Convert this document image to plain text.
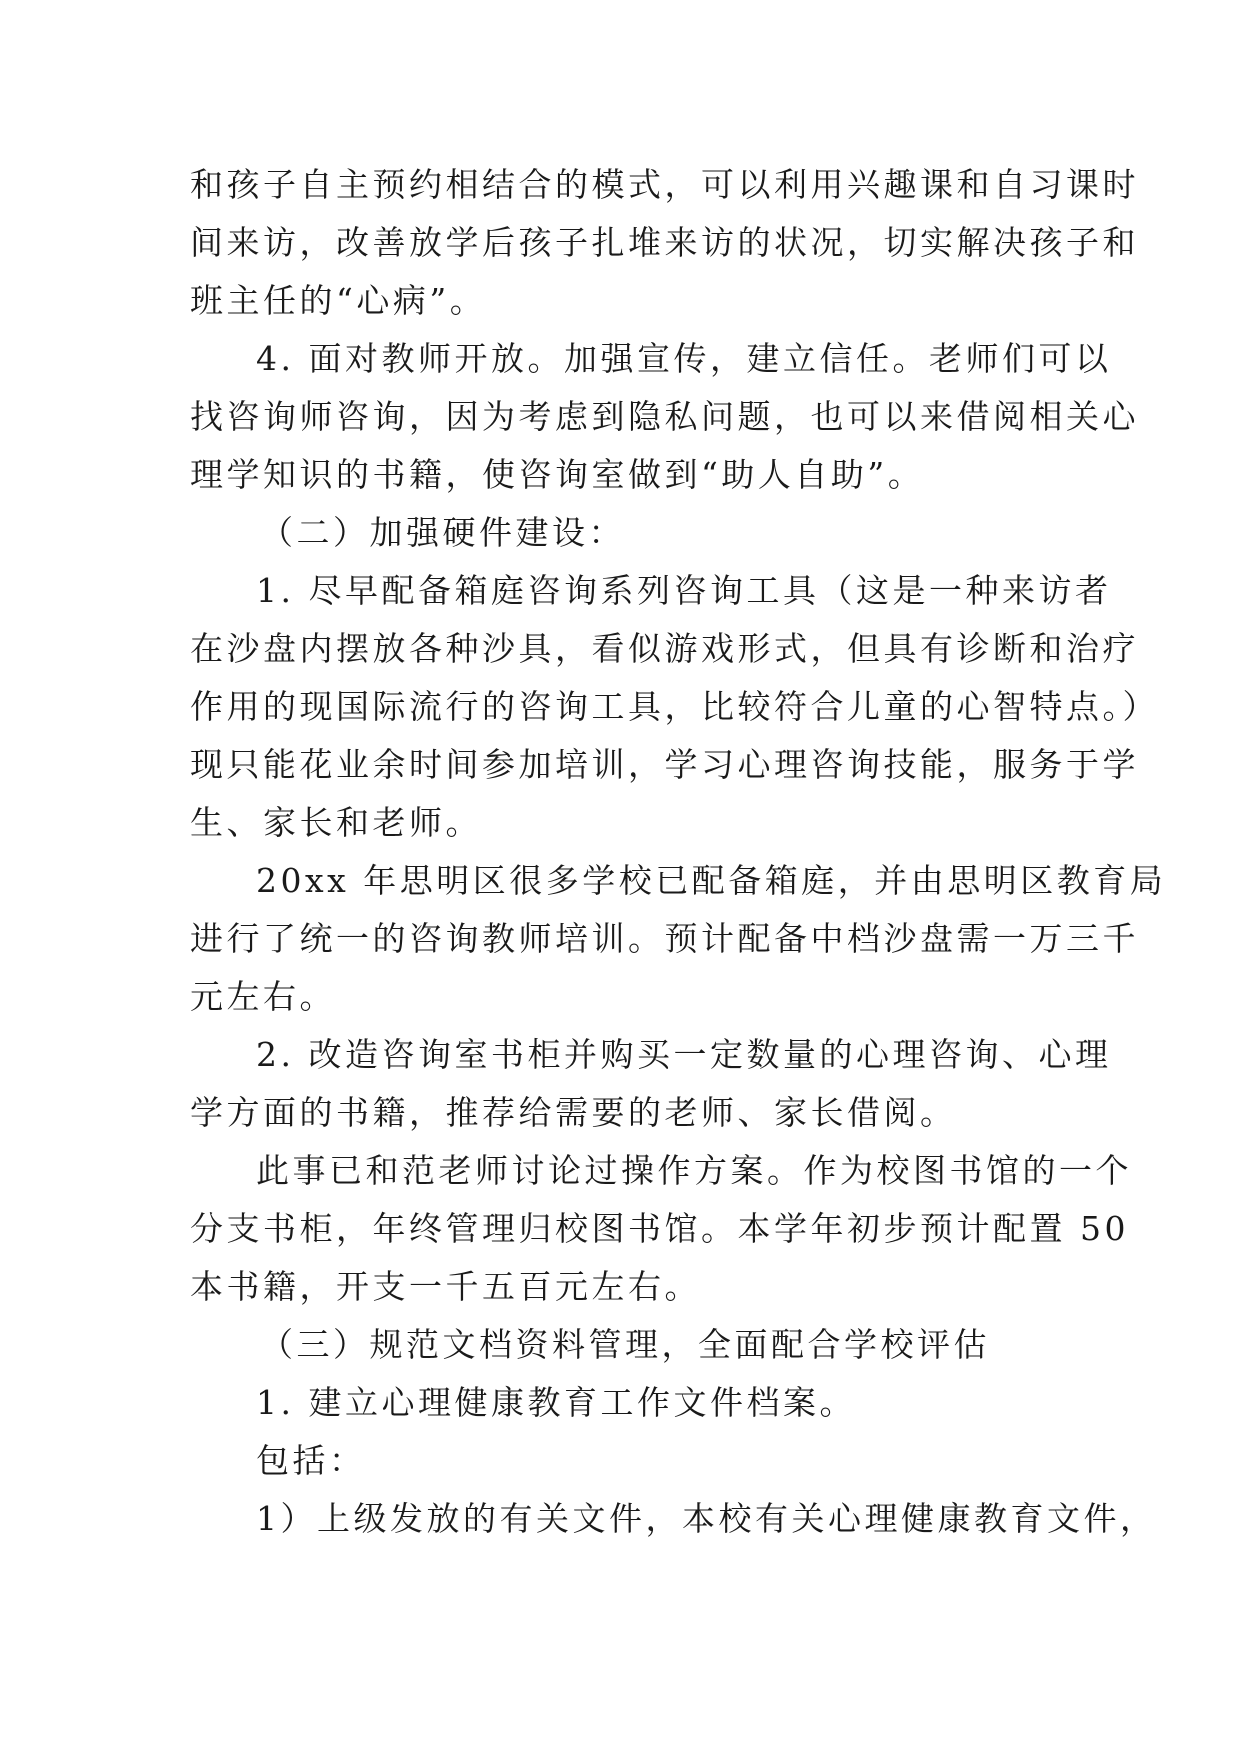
和孩子自主预约相结合的模式，可以利用兴趣课和自习课时
间来访，改善放学后孩子扎堆来访的状况，切实解决孩子和
班主任的“心病”。
4. 面对教师开放。加强宣传，建立信任。老师们可以
找咨询师咨询，因为考虑到隐私问题，也可以来借阅相关心
理学知识的书籍，使咨询室做到“助人自助”。
（二）加强硬件建设：
1. 尽早配备箱庭咨询系列咨询工具（这是一种来访者
在沙盘内摆放各种沙具，看似游戏形式，但具有诊断和治疗
作用的现国际流行的咨询工具，比较符合儿童的心智特点。）
现只能花业余时间参加培训，学习心理咨询技能，服务于学
生、家长和老师。
20xx 年思明区很多学校已配备箱庭，并由思明区教育局
进行了统一的咨询教师培训。预计配备中档沙盘需一万三千
元左右。
2. 改造咨询室书柜并购买一定数量的心理咨询、心理
学方面的书籍，推荐给需要的老师、家长借阅。
此事已和范老师讨论过操作方案。作为校图书馆的一个
分支书柜，年终管理归校图书馆。本学年初步预计配置 50
本书籍，开支一千五百元左右。
（三）规范文档资料管理，全面配合学校评估
1. 建立心理健康教育工作文件档案。
包括：
1）上级发放的有关文件，本校有关心理健康教育文件，
